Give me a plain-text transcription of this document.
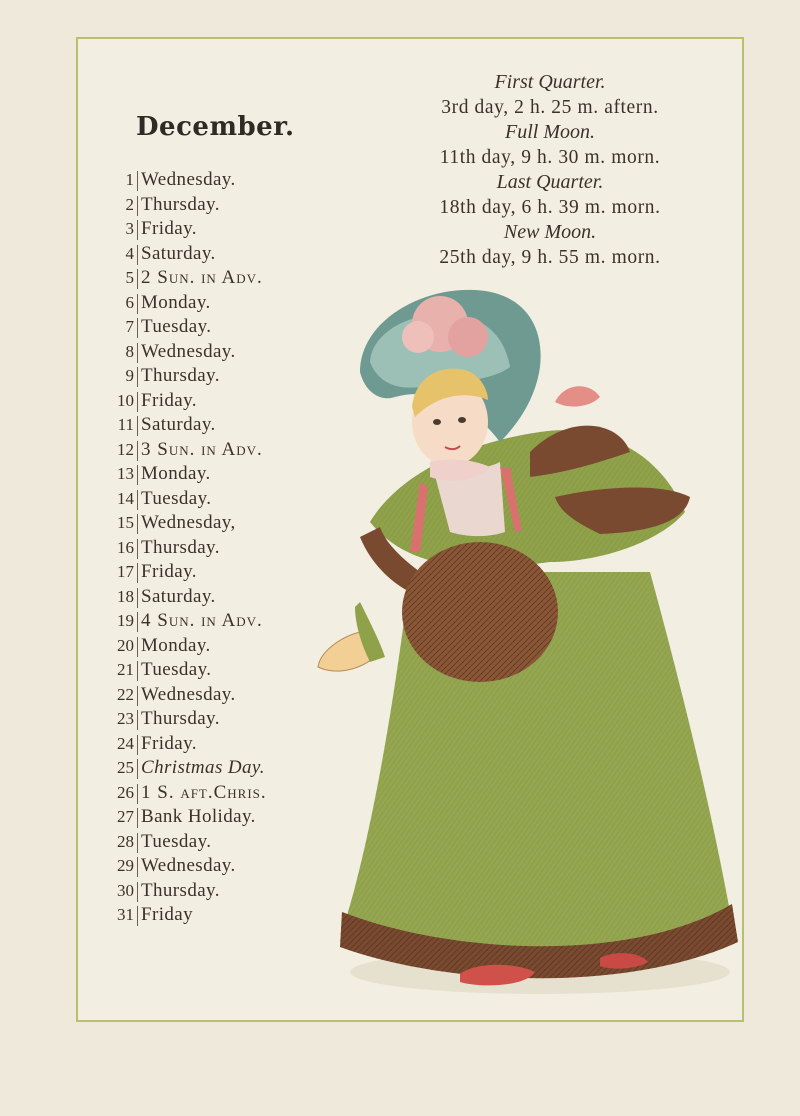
December.
1 Wednesday.
2 Thursday.
3 Friday.
4 Saturday.
5 2 Sun. in Adv.
6 Monday.
7 Tuesday.
8 Wednesday.
9 Thursday.
10 Friday.
11 Saturday.
12 3 Sun. in Adv.
13 Monday.
14 Tuesday.
15 Wednesday,
16 Thursday.
17 Friday.
18 Saturday.
19 4 Sun. in Adv.
20 Monday.
21 Tuesday.
22 Wednesday.
23 Thursday.
24 Friday.
25 Christmas Day.
26 1 S. aft.Chris.
27 Bank Holiday.
28 Tuesday.
29 Wednesday.
30 Thursday.
31 Friday
First Quarter.
3rd day, 2 h. 25 m. aftern.
Full Moon.
11th day, 9 h. 30 m. morn.
Last Quarter.
18th day, 6 h. 39 m. morn.
New Moon.
25th day, 9 h. 55 m. morn.
